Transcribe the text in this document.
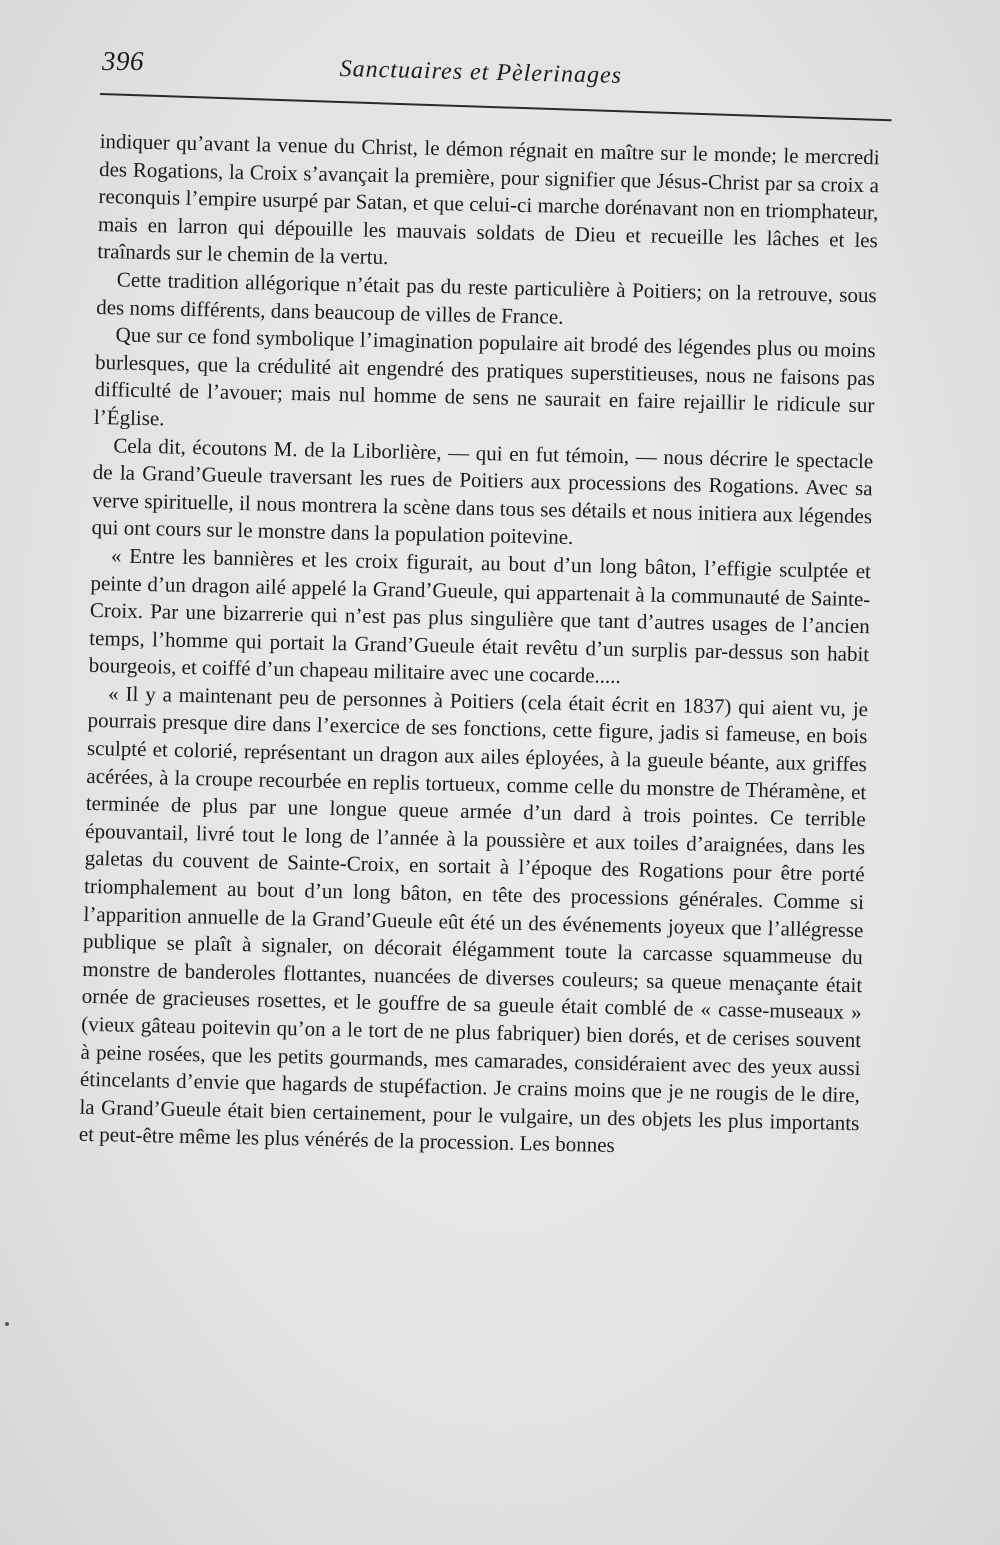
396	Sanctuaires et Pèlerinages

indiquer qu’avant la venue du Christ, le démon régnait en maître sur le monde; le mercredi des Rogations, la Croix s’avançait la première, pour signifier que Jésus-Christ par sa croix a reconquis l’empire usurpé par Satan, et que celui-ci marche dorénavant non en triomphateur, mais en larron qui dépouille les mauvais soldats de Dieu et recueille les lâches et les traînards sur le chemin de la vertu.

Cette tradition allégorique n’était pas du reste particulière à Poitiers; on la retrouve, sous des noms différents, dans beaucoup de villes de France.

Que sur ce fond symbolique l’imagination populaire ait brodé des légendes plus ou moins burlesques, que la crédulité ait engendré des pratiques superstitieuses, nous ne faisons pas difficulté de l’avouer; mais nul homme de sens ne saurait en faire rejaillir le ridicule sur l’Église.

Cela dit, écoutons M. de la Liborlière, — qui en fut témoin, — nous décrire le spectacle de la Grand’Gueule traversant les rues de Poitiers aux processions des Rogations. Avec sa verve spirituelle, il nous montrera la scène dans tous ses détails et nous initiera aux légendes qui ont cours sur le monstre dans la population poitevine.

« Entre les bannières et les croix figurait, au bout d’un long bâton, l’effigie sculptée et peinte d’un dragon ailé appelé la Grand’Gueule, qui appartenait à la communauté de Sainte-Croix. Par une bizarrerie qui n’est pas plus singulière que tant d’autres usages de l’ancien temps, l’homme qui portait la Grand’Gueule était revêtu d’un surplis par-dessus son habit bourgeois, et coiffé d’un chapeau militaire avec une cocarde.....

« Il y a maintenant peu de personnes à Poitiers (cela était écrit en 1837) qui aient vu, je pourrais presque dire dans l’exercice de ses fonctions, cette figure, jadis si fameuse, en bois sculpté et colorié, représentant un dragon aux ailes éployées, à la gueule béante, aux griffes acérées, à la croupe recourbée en replis tortueux, comme celle du monstre de Théramène, et terminée de plus par une longue queue armée d’un dard à trois pointes. Ce terrible épouvantail, livré tout le long de l’année à la poussière et aux toiles d’araignées, dans les galetas du couvent de Sainte-Croix, en sortait à l’époque des Rogations pour être porté triomphalement au bout d’un long bâton, en tête des processions générales. Comme si l’apparition annuelle de la Grand’Gueule eût été un des événements joyeux que l’allégresse publique se plaît à signaler, on décorait élégamment toute la carcasse squammeuse du monstre de banderoles flottantes, nuancées de diverses couleurs; sa queue menaçante était ornée de gracieuses rosettes, et le gouffre de sa gueule était comblé de « casse-museaux » (vieux gâteau poitevin qu’on a le tort de ne plus fabriquer) bien dorés, et de cerises souvent à peine rosées, que les petits gourmands, mes camarades, considéraient avec des yeux aussi étincelants d’envie que hagards de stupéfaction. Je crains moins que je ne rougis de le dire, la Grand’Gueule était bien certainement, pour le vulgaire, un des objets les plus importants et peut-être même les plus vénérés de la procession. Les bonnes
